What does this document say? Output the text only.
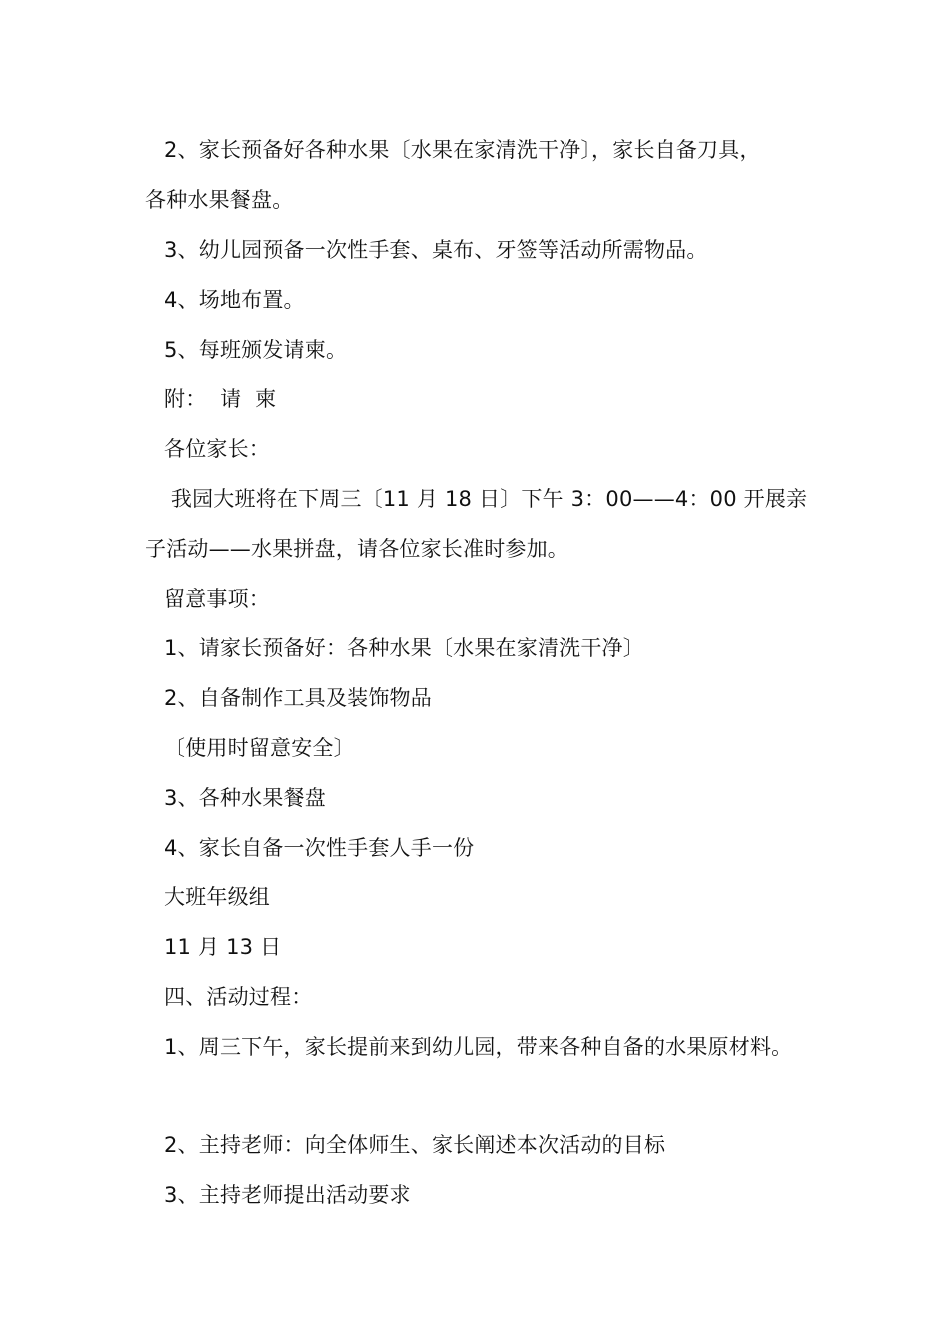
2、家长预备好各种水果〔水果在家清洗干净〕，家长自备刀具，
各种水果餐盘。
3、幼儿园预备一次性手套、桌布、牙签等活动所需物品。
4、场地布置。
5、每班颁发请柬。
附：  请  柬
各位家长：
我园大班将在下周三〔11 月 18 日〕下午 3：00——4：00 开展亲
子活动——水果拼盘，请各位家长准时参加。
留意事项：
1、请家长预备好：各种水果〔水果在家清洗干净〕
2、自备制作工具及装饰物品
〔使用时留意安全〕
3、各种水果餐盘
4、家长自备一次性手套人手一份
大班年级组
11 月 13 日
四、活动过程：
1、周三下午，家长提前来到幼儿园，带来各种自备的水果原材料。
2、主持老师：向全体师生、家长阐述本次活动的目标
3、主持老师提出活动要求
